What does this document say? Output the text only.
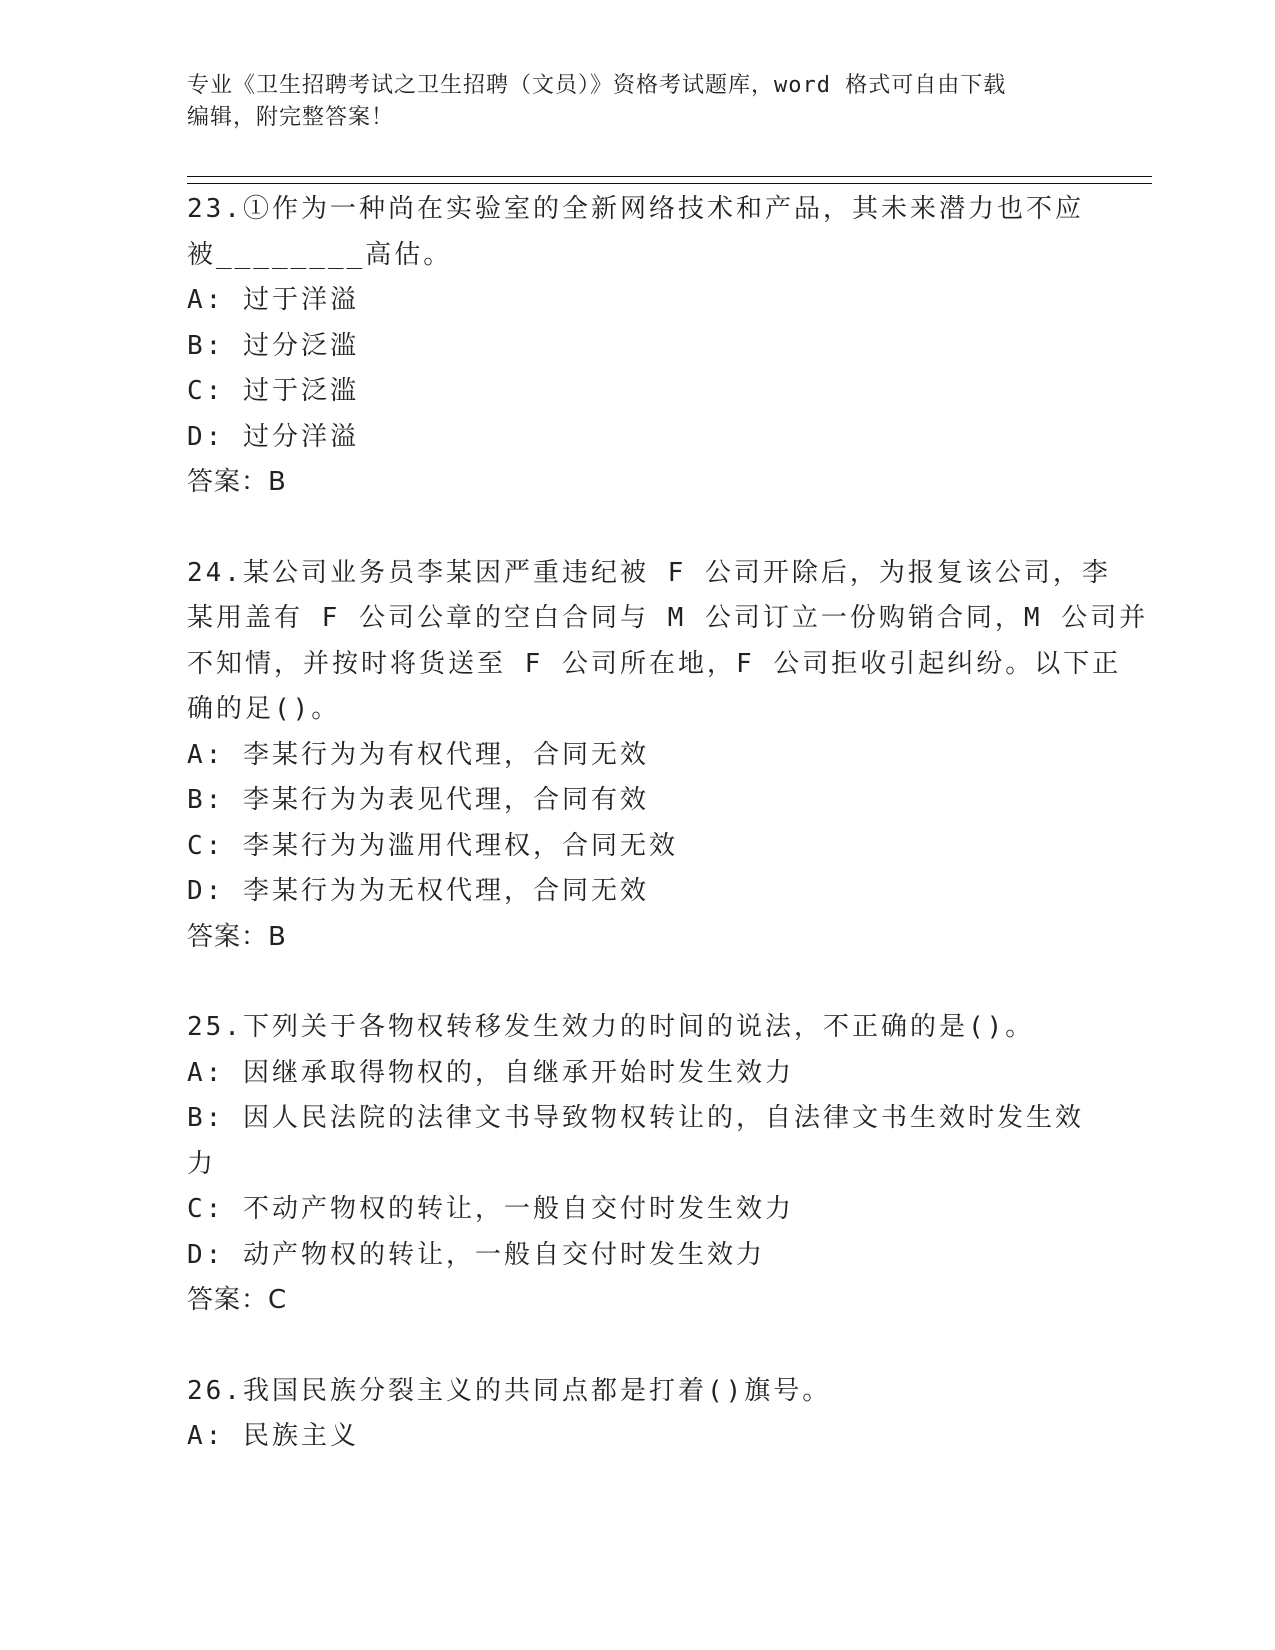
专业《卫生招聘考试之卫生招聘（文员）》资格考试题库，word 格式可自由下载
编辑，附完整答案！
23.①作为一种尚在实验室的全新网络技术和产品，其未来潜力也不应
被________高估。
A: 过于洋溢
B: 过分泛滥
C: 过于泛滥
D: 过分洋溢
答案：B
24.某公司业务员李某因严重违纪被 F 公司开除后，为报复该公司，李
某用盖有 F 公司公章的空白合同与 M 公司订立一份购销合同，M 公司并
不知情，并按时将货送至 F 公司所在地，F 公司拒收引起纠纷。以下正
确的足()。
A: 李某行为为有权代理，合同无效
B: 李某行为为表见代理，合同有效
C: 李某行为为滥用代理权，合同无效
D: 李某行为为无权代理，合同无效
答案：B
25.下列关于各物权转移发生效力的时间的说法，不正确的是()。
A: 因继承取得物权的，自继承开始时发生效力
B: 因人民法院的法律文书导致物权转让的，自法律文书生效时发生效
力
C: 不动产物权的转让，一般自交付时发生效力
D: 动产物权的转让，一般自交付时发生效力
答案：C
26.我国民族分裂主义的共同点都是打着()旗号。
A: 民族主义
